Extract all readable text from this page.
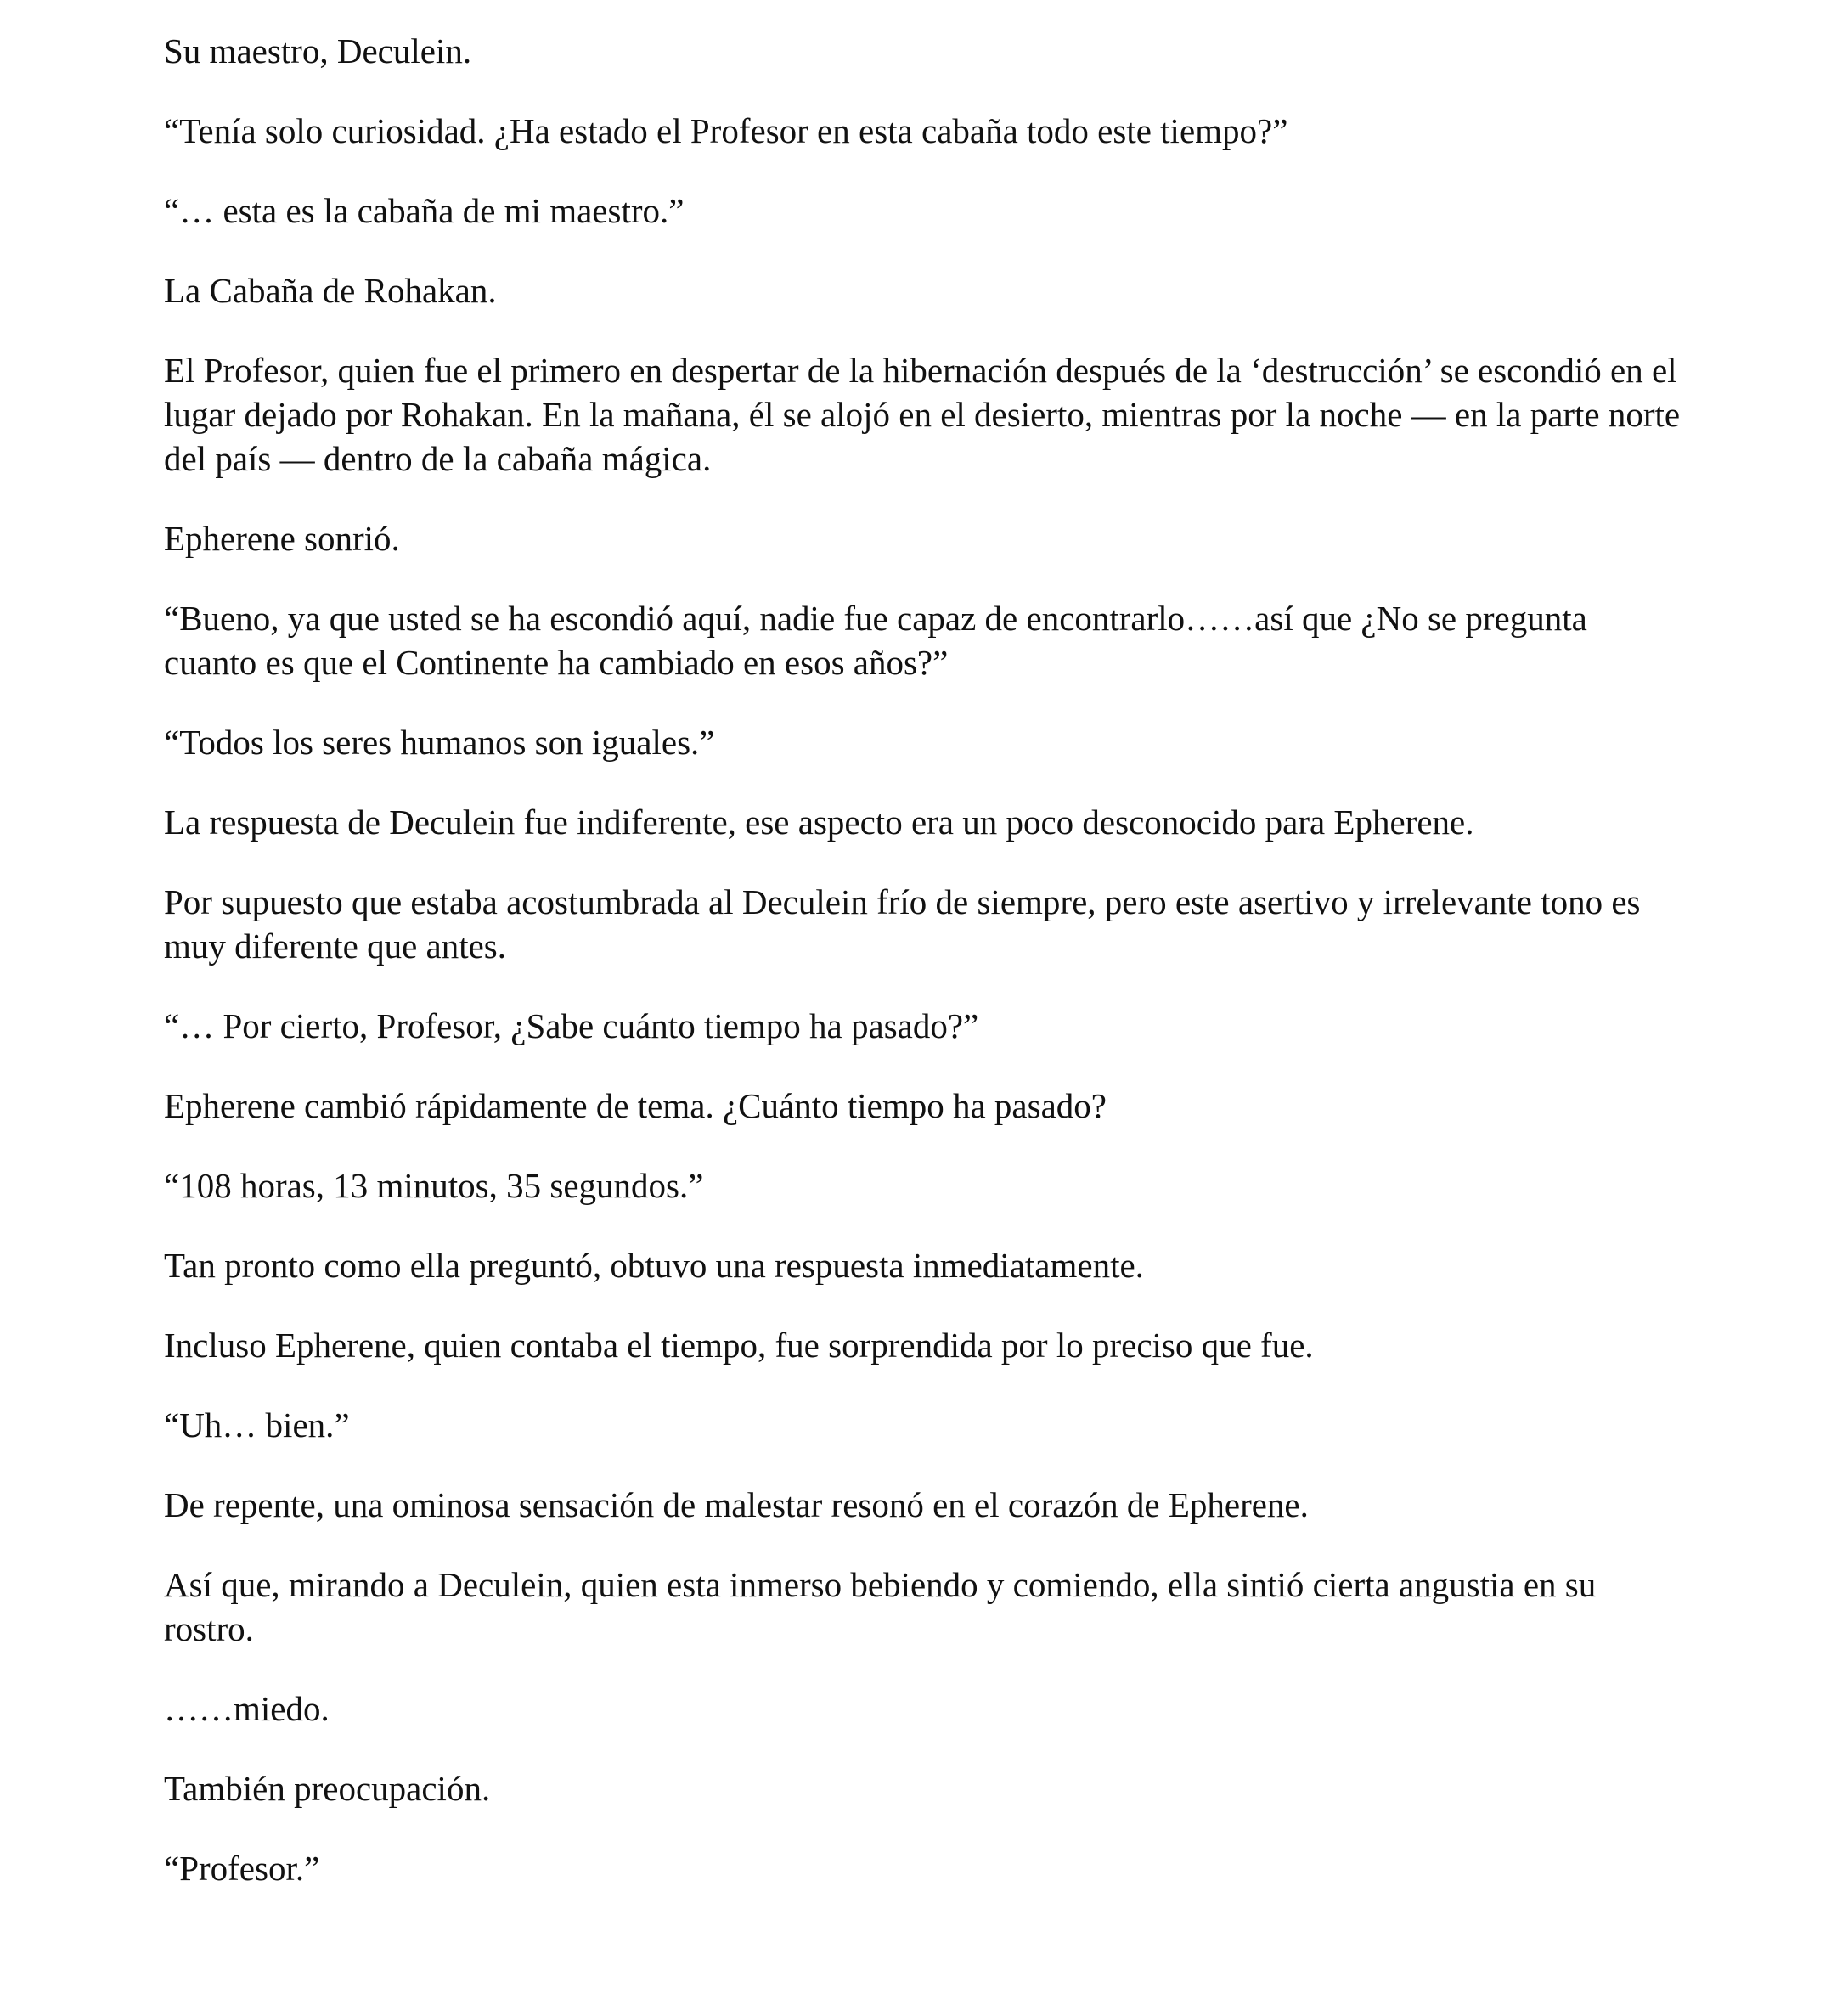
Su maestro, Deculein.

“Tenía solo curiosidad. ¿Ha estado el Profesor en esta cabaña todo este tiempo?”

“… esta es la cabaña de mi maestro.”

La Cabaña de Rohakan.

El Profesor, quien fue el primero en despertar de la hibernación después de la ‘destrucción’ se escondió en el lugar dejado por Rohakan. En la mañana, él se alojó en el desierto, mientras por la noche — en la parte norte del país — dentro de la cabaña mágica.

Epherene sonrió.

“Bueno, ya que usted se ha escondió aquí, nadie fue capaz de encontrarlo……así que ¿No se pregunta cuanto es que el Continente ha cambiado en esos años?”

“Todos los seres humanos son iguales.”

La respuesta de Deculein fue indiferente, ese aspecto era un poco desconocido para Epherene.

Por supuesto que estaba acostumbrada al Deculein frío de siempre, pero este asertivo y irrelevante tono es muy diferente que antes.

“… Por cierto, Profesor, ¿Sabe cuánto tiempo ha pasado?”

Epherene cambió rápidamente de tema. ¿Cuánto tiempo ha pasado?

“108 horas, 13 minutos, 35 segundos.”

Tan pronto como ella preguntó, obtuvo una respuesta inmediatamente.

Incluso Epherene, quien contaba el tiempo, fue sorprendida por lo preciso que fue.

“Uh… bien.”

De repente, una ominosa sensación de malestar resonó en el corazón de Epherene.

Así que, mirando a Deculein, quien esta inmerso bebiendo y comiendo, ella sintió cierta angustia en su rostro.

……miedo.

También preocupación.

“Profesor.”
